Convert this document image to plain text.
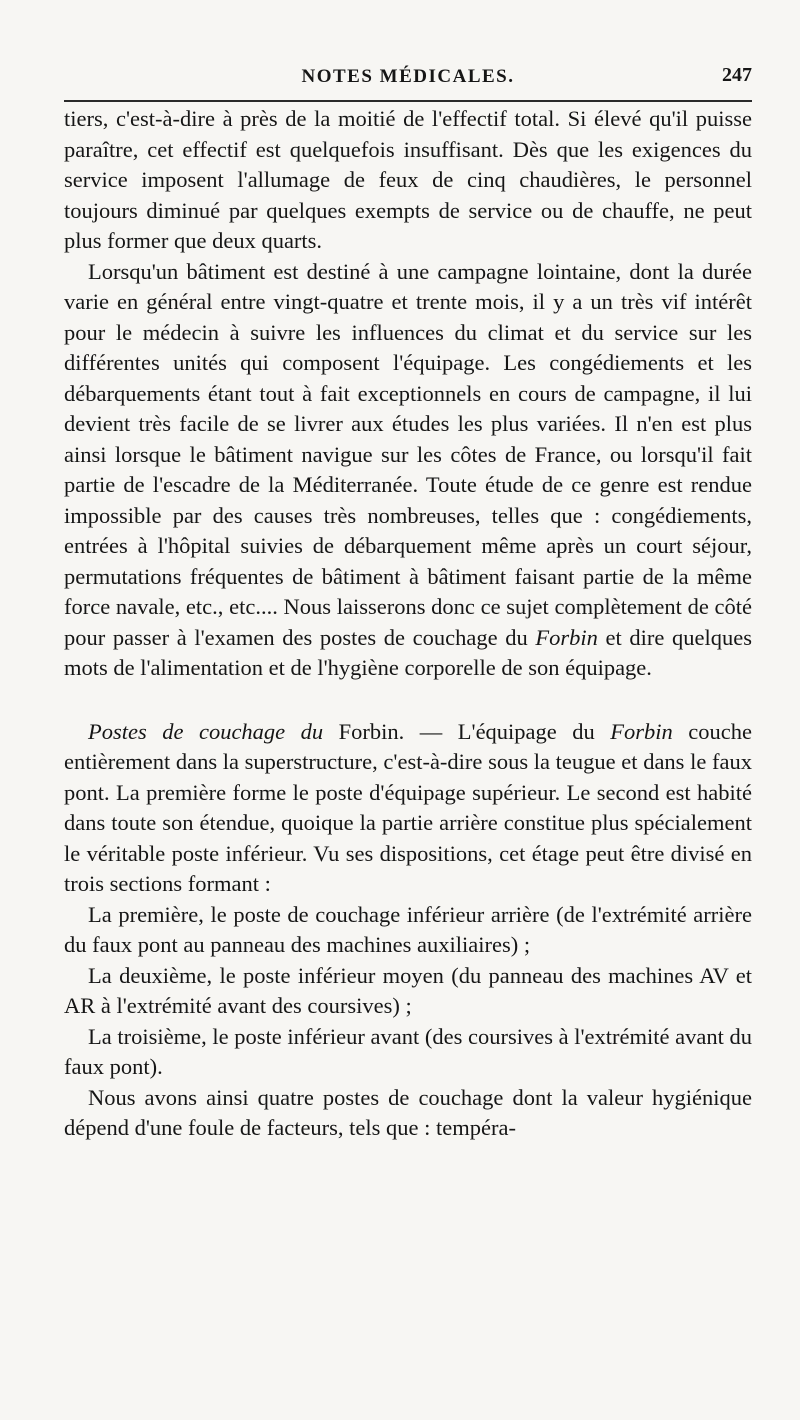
NOTES MÉDICALES.	247

tiers, c'est-à-dire à près de la moitié de l'effectif total. Si élevé qu'il puisse paraître, cet effectif est quelquefois insuffisant. Dès que les exigences du service imposent l'allumage de feux de cinq chaudières, le personnel toujours diminué par quelques exempts de service ou de chauffe, ne peut plus former que deux quarts.

Lorsqu'un bâtiment est destiné à une campagne lointaine, dont la durée varie en général entre vingt-quatre et trente mois, il y a un très vif intérêt pour le médecin à suivre les influences du climat et du service sur les différentes unités qui composent l'équipage. Les congédiements et les débarquements étant tout à fait exceptionnels en cours de campagne, il lui devient très facile de se livrer aux études les plus variées. Il n'en est plus ainsi lorsque le bâtiment navigue sur les côtes de France, ou lorsqu'il fait partie de l'escadre de la Méditerranée. Toute étude de ce genre est rendue impossible par des causes très nombreuses, telles que : congédiements, entrées à l'hôpital suivies de débarquement même après un court séjour, permutations fréquentes de bâtiment à bâtiment faisant partie de la même force navale, etc., etc.... Nous laisserons donc ce sujet complètement de côté pour passer à l'examen des postes de couchage du Forbin et dire quelques mots de l'alimentation et de l'hygiène corporelle de son équipage.

Postes de couchage du Forbin. — L'équipage du Forbin couche entièrement dans la superstructure, c'est-à-dire sous la teugue et dans le faux pont. La première forme le poste d'équipage supérieur. Le second est habité dans toute son étendue, quoique la partie arrière constitue plus spécialement le véritable poste inférieur. Vu ses dispositions, cet étage peut être divisé en trois sections formant :

La première, le poste de couchage inférieur arrière (de l'extrémité arrière du faux pont au panneau des machines auxiliaires) ;

La deuxième, le poste inférieur moyen (du panneau des machines AV et AR à l'extrémité avant des coursives) ;

La troisième, le poste inférieur avant (des coursives à l'extrémité avant du faux pont).

Nous avons ainsi quatre postes de couchage dont la valeur hygiénique dépend d'une foule de facteurs, tels que : tempéra-
